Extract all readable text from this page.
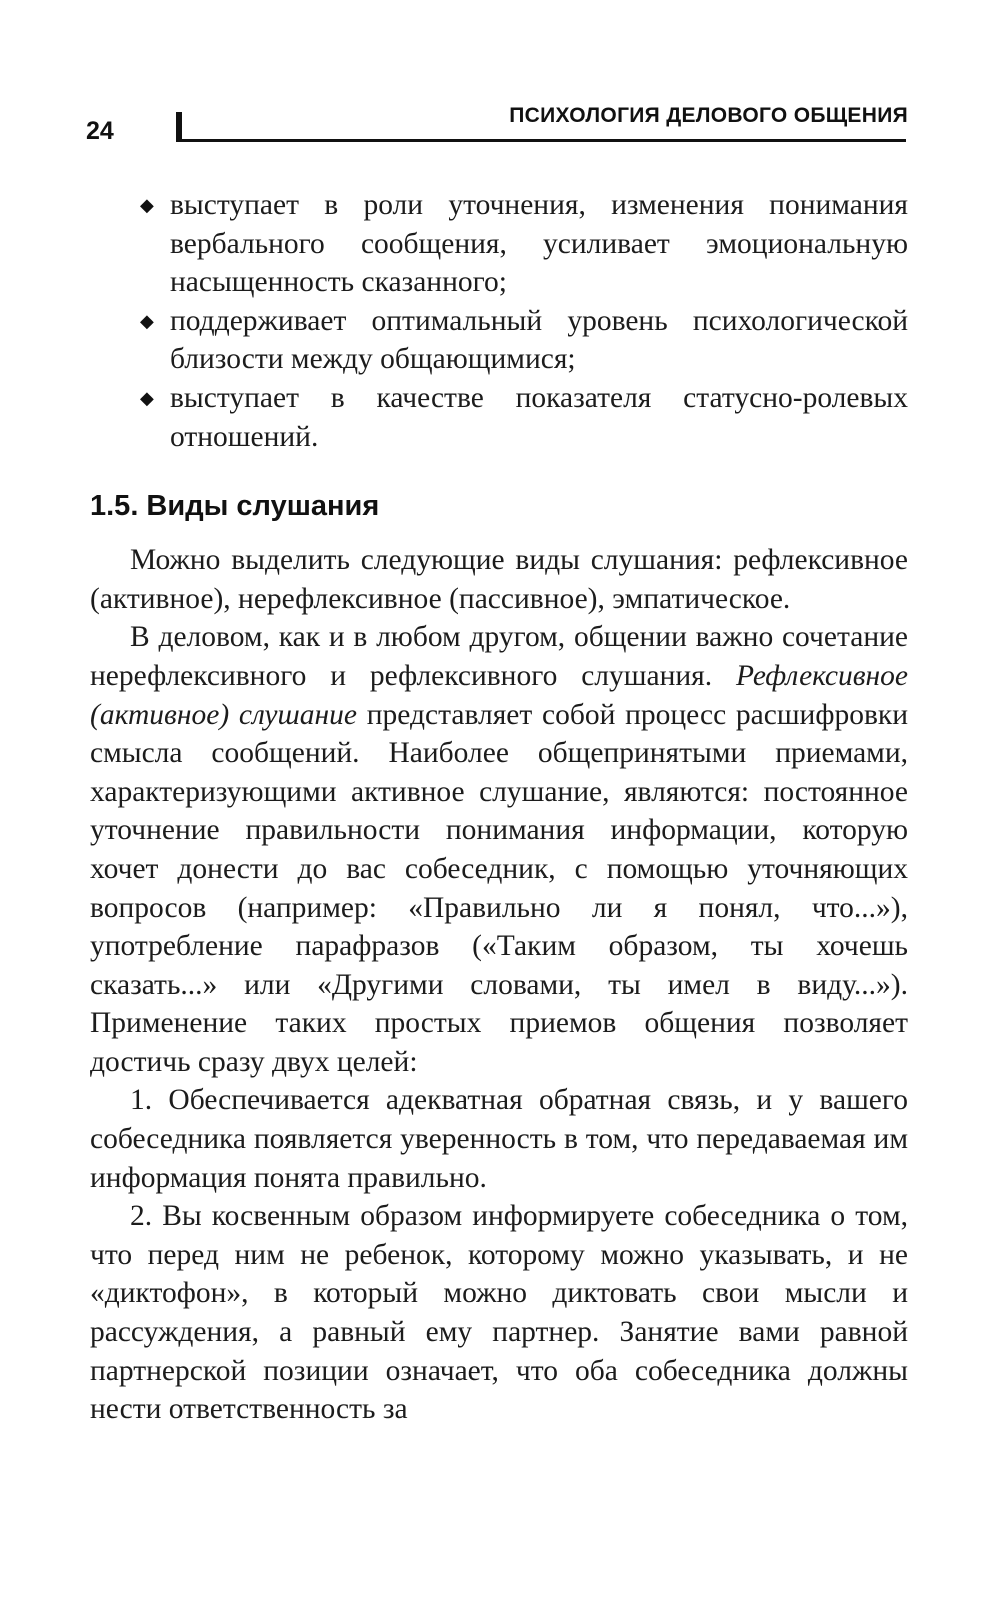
24
ПСИХОЛОГИЯ ДЕЛОВОГО ОБЩЕНИЯ
◆ выступает в роли уточнения, изменения понимания вербального сообщения, усиливает эмоциональную насыщенность сказанного;
◆ поддерживает оптимальный уровень психологической близости между общающимися;
◆ выступает в качестве показателя статусно-ролевых отношений.
1.5. Виды слушания

Можно выделить следующие виды слушания: рефлексивное (активное), нерефлексивное (пассивное), эмпатическое.

В деловом, как и в любом другом, общении важно сочетание нерефлексивного и рефлексивного слушания. Рефлексивное (активное) слушание представляет собой процесс расшифровки смысла сообщений. Наиболее общепринятыми приемами, характеризующими активное слушание, являются: постоянное уточнение правильности понимания информации, которую хочет донести до вас собеседник, с помощью уточняющих вопросов (например: «Правильно ли я понял, что...»), употребление парафразов («Таким образом, ты хочешь сказать...» или «Другими словами, ты имел в виду...»). Применение таких простых приемов общения позволяет достичь сразу двух целей:

1. Обеспечивается адекватная обратная связь, и у вашего собеседника появляется уверенность в том, что передаваемая им информация понята правильно.

2. Вы косвенным образом информируете собеседника о том, что перед ним не ребенок, которому можно указывать, и не «диктофон», в который можно диктовать свои мысли и рассуждения, а равный ему партнер. Занятие вами равной партнерской позиции означает, что оба собеседника должны нести ответственность за
